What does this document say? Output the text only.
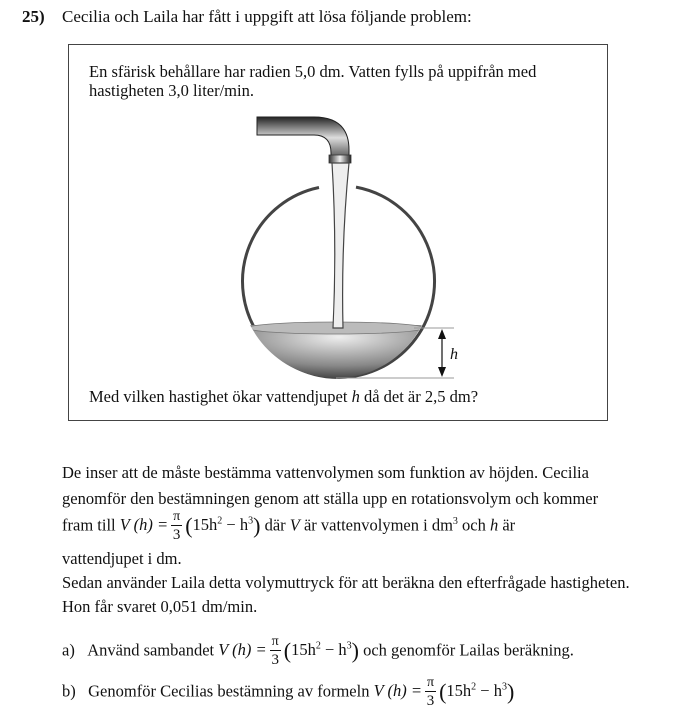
25) Cecilia och Laila har fått i uppgift att lösa följande problem:
En sfärisk behållare har radien 5,0 dm. Vatten fylls på uppifrån med
hastigheten 3,0 liter/min.
h
Med vilken hastighet ökar vattendjupet h då det är 2,5 dm?
De inser att de måste bestämma vattenvolymen som funktion av höjden. Cecilia
genomför den bestämningen genom att ställa upp en rotationsvolym och kommer
fram till V $(h) = \frac{\pi}{3} (15h^2 - h^3)$ där V är vattenvolymen i $dm^3$ och h är
vattendjupet i dm.
Sedan använder Laila detta volymuttryck för att beräkna den efterfrågade hastigheten.
Hon får svaret 0,051 dm/min.
a) Använd sambandet V $(h) = \frac{\pi}{3} (15h^2 - h^3)$ och genomför Lailas beräkning.
b) Genomför Cecilias bestämning av formeln V $(h) = \frac{\pi}{3} (15h^2 - h^3)$
